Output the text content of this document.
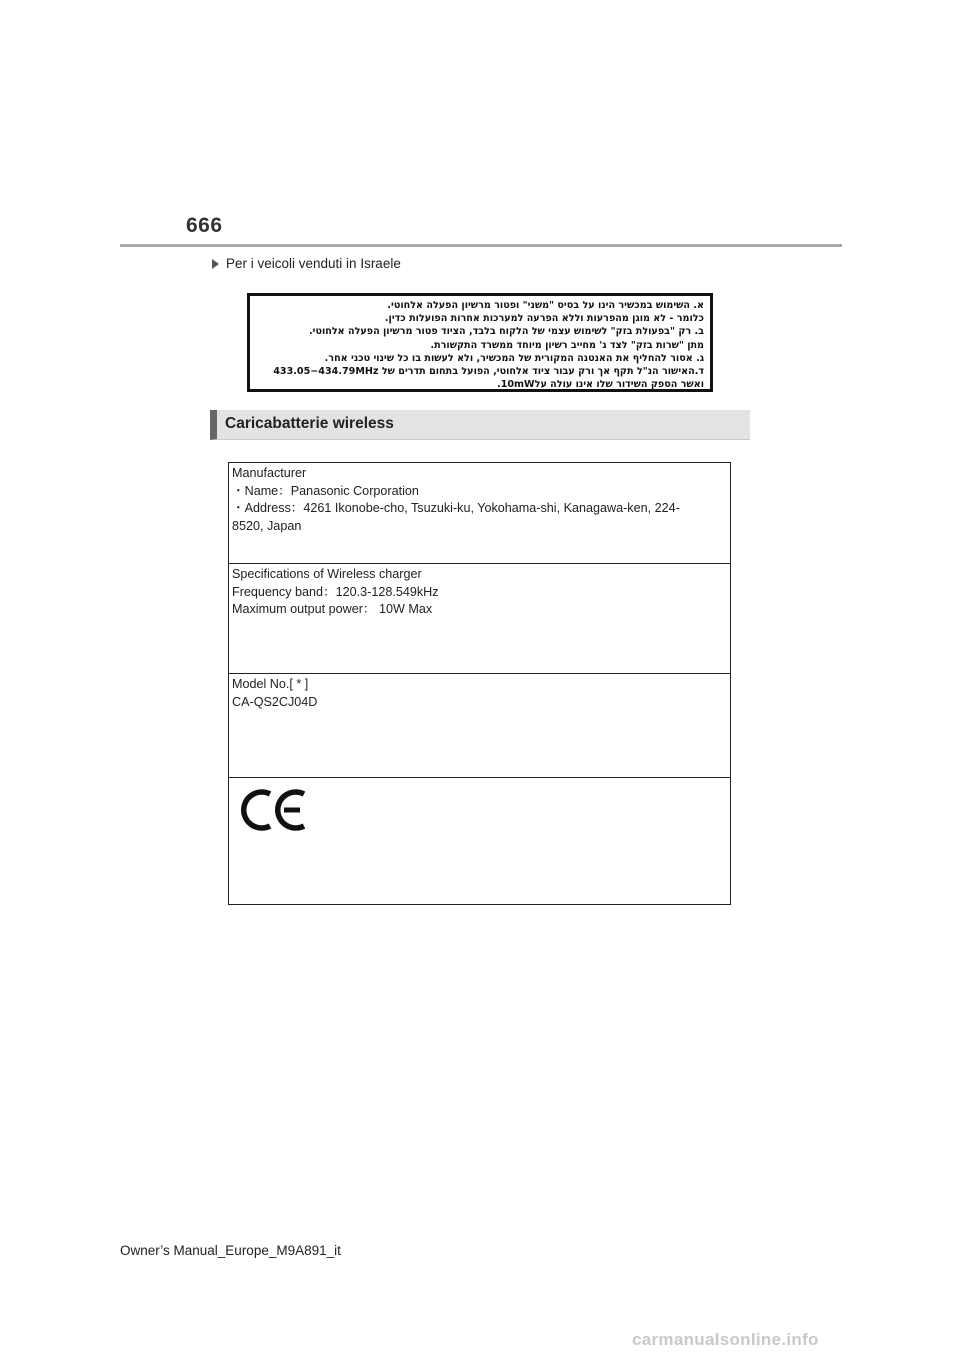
666
Per i veicoli venduti in Israele

א. השימוש במכשיר הינו על בסיס "משני" ופטור מרשיון הפעלה אלחוטי.

כלומר - לא מוגן מהפרעות וללא הפרעה למערכות אחרות הפועלות כדין.

ב. רק "בפעולת בזק" לשימוש עצמי של הלקוח בלבד, הציוד פטור מרשיון הפעלה אלחוטי.

מתן "שרות בזק" לצד ג' מחייב רשיון מיוחד ממשרד התקשורת.

ג. אסור להחליף את האנטנה המקורית של המכשיר, ולא לעשות בו כל שינוי טכני אחר.

ד.האישור הנ"ל תקף אך ורק עבור ציוד אלחוטי, הפועל בתחום תדרים של 433.05−434.79MHz

ואשר הספק השידור שלו אינו עולה על10mW.

Caricabatterie wireless
Manufacturer
・Name：Panasonic Corporation
・Address：4261 Ikonobe-cho, Tsuzuki-ku, Yokohama-shi, Kanagawa-ken, 224-
8520, Japan

Specifications of Wireless charger
Frequency band：120.3-128.549kHz
Maximum output power： 10W Max

Model No.[ * ]
CA-QS2CJ04D

Owner’s Manual_Europe_M9A891_it
carmanualsonline.info
